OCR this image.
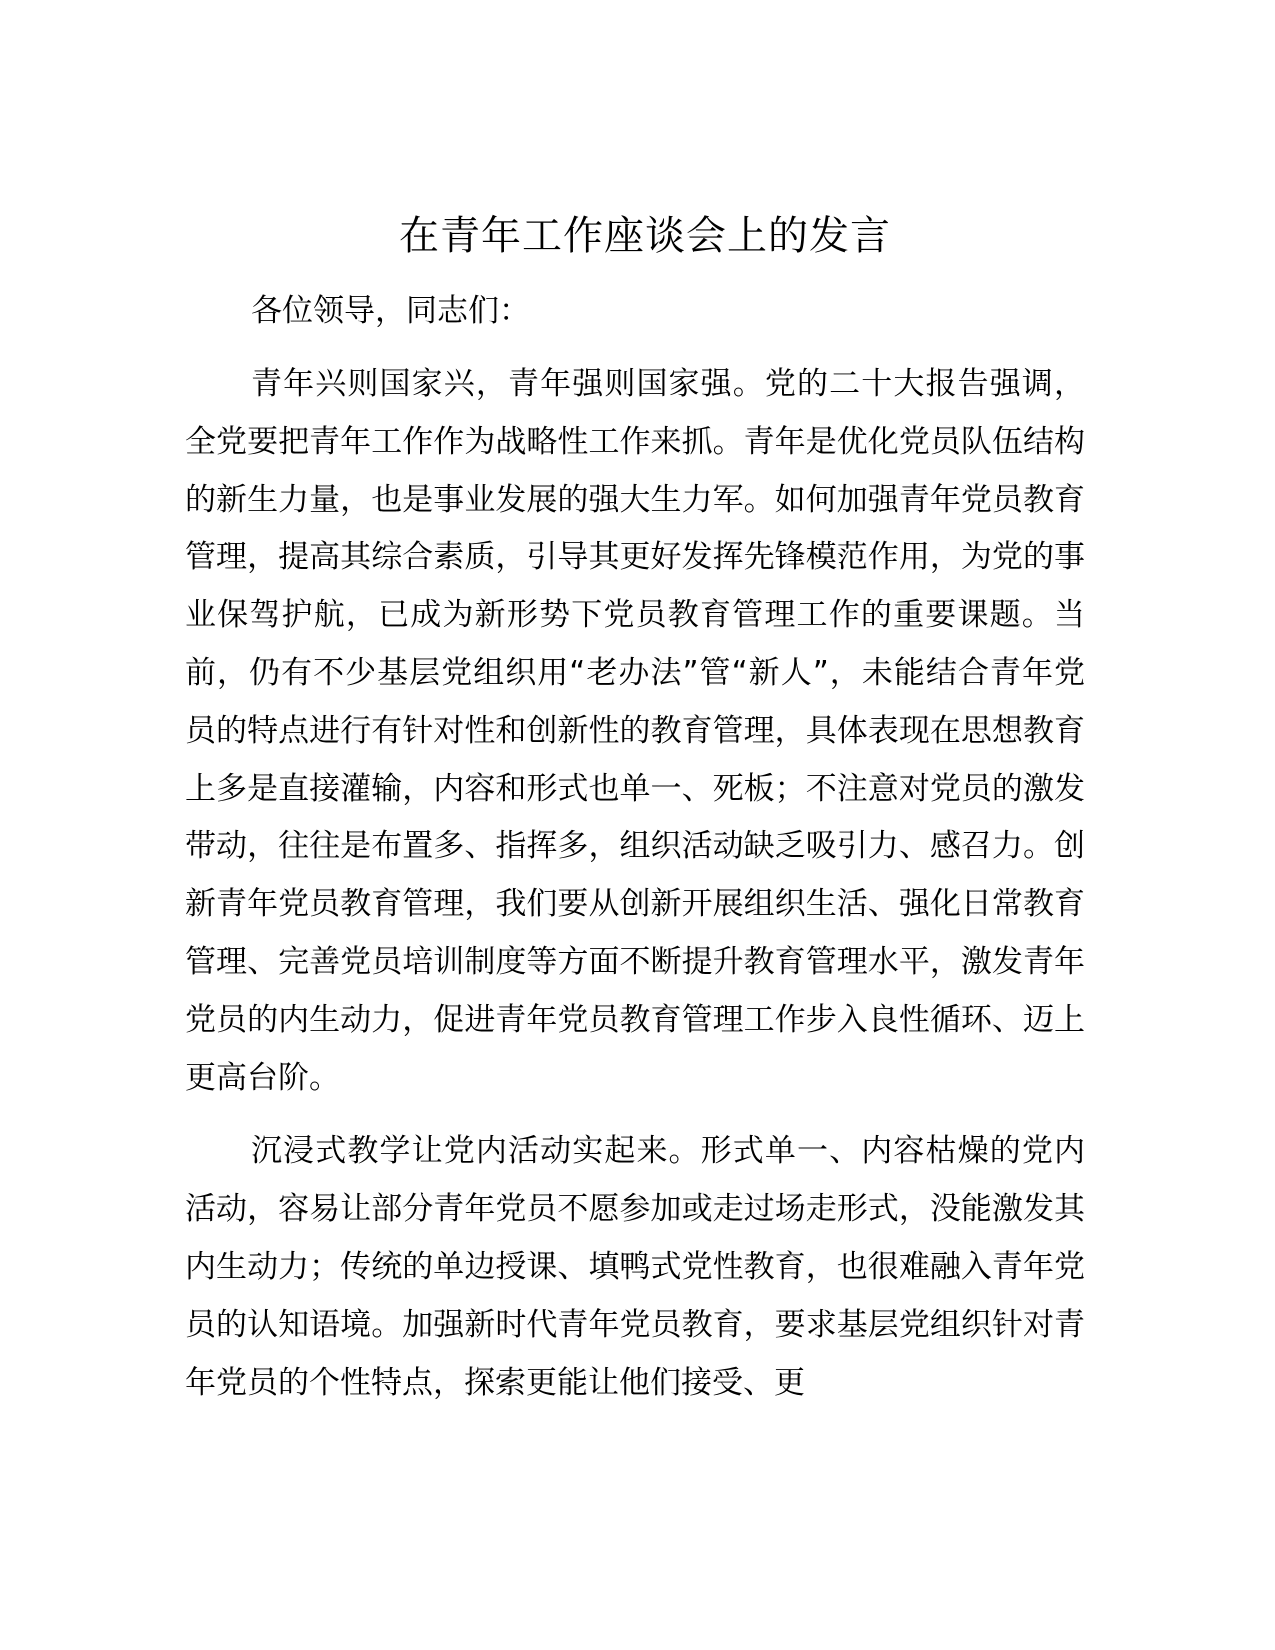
在青年工作座谈会上的发言

各位领导，同志们：

青年兴则国家兴，青年强则国家强。党的二十大报告强调，全党要把青年工作作为战略性工作来抓。青年是优化党员队伍结构的新生力量，也是事业发展的强大生力军。如何加强青年党员教育管理，提高其综合素质，引导其更好发挥先锋模范作用，为党的事业保驾护航，已成为新形势下党员教育管理工作的重要课题。当前，仍有不少基层党组织用“老办法”管“新人”，未能结合青年党员的特点进行有针对性和创新性的教育管理，具体表现在思想教育上多是直接灌输，内容和形式也单一、死板；不注意对党员的激发带动，往往是布置多、指挥多，组织活动缺乏吸引力、感召力。创新青年党员教育管理，我们要从创新开展组织生活、强化日常教育管理、完善党员培训制度等方面不断提升教育管理水平，激发青年党员的内生动力，促进青年党员教育管理工作步入良性循环、迈上更高台阶。

沉浸式教学让党内活动实起来。形式单一、内容枯燥的党内活动，容易让部分青年党员不愿参加或走过场走形式，没能激发其内生动力；传统的单边授课、填鸭式党性教育，也很难融入青年党员的认知语境。加强新时代青年党员教育，要求基层党组织针对青年党员的个性特点，探索更能让他们接受、更
